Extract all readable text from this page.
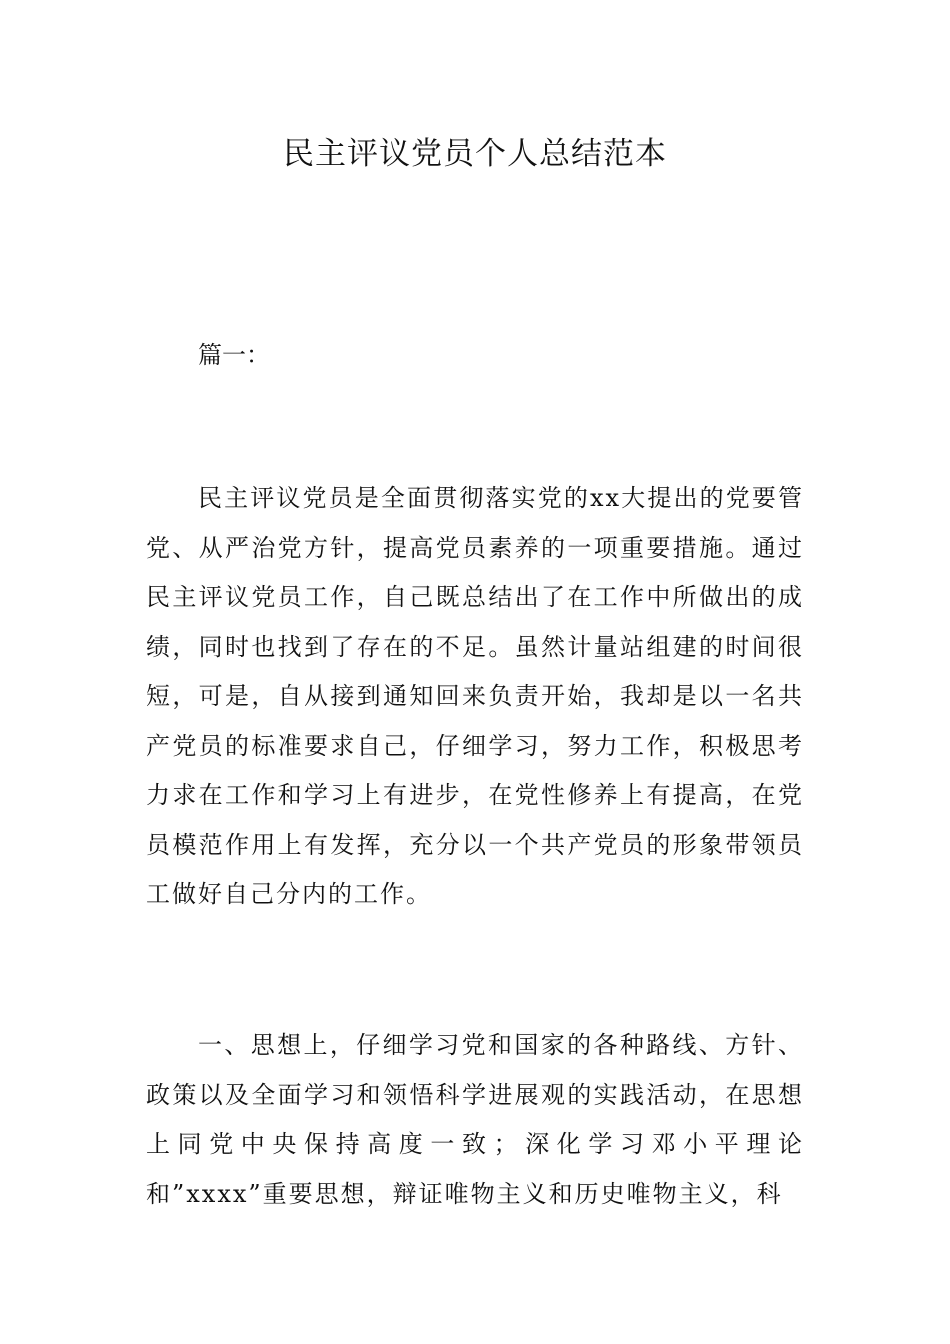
民主评议党员个人总结范本
篇一：

民主评议党员是全面贯彻落实党的xx大提出的党要管党、从严治党方针，提高党员素养的一项重要措施。通过民主评议党员工作，自己既总结出了在工作中所做出的成绩，同时也找到了存在的不足。虽然计量站组建的时间很短，可是，自从接到通知回来负责开始，我却是以一名共产党员的标准要求自己，仔细学习，努力工作，积极思考力求在工作和学习上有进步，在党性修养上有提高，在党员模范作用上有发挥，充分以一个共产党员的形象带领员工做好自己分内的工作。

一、思想上，仔细学习党和国家的各种路线、方针、政策以及全面学习和领悟科学进展观的实践活动，在思想上同党中央保持高度一致；深化学习邓小平理论和”xxxx”重要思想，辩证唯物主义和历史唯物主义，科
